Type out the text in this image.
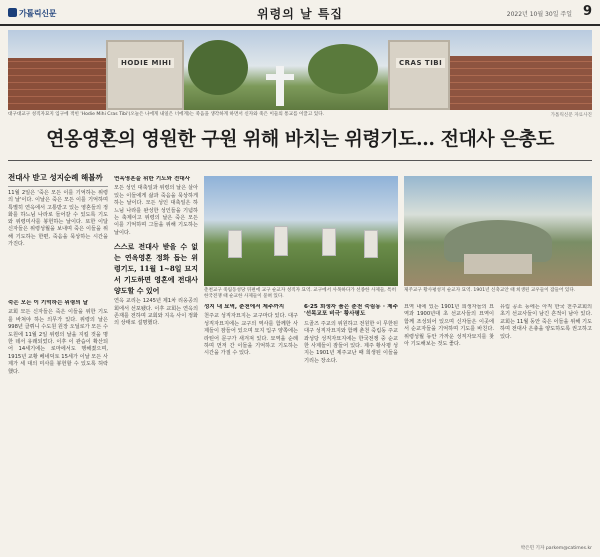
가톨릭신문	위령의 날 특집	2022년 10월 30일 주일 9
HODIE MIHI	CRAS TIBI
대구대교구 성직자묘지 입구에 적힌 'Hodie Mihi Cras Tibi'(오늘은 나에게 내일은 너에게)는 죽음을 생각하게 하면서 신자와 죽은 이들의 통교를 이끌고 있다.	가톨릭신문 자료사진
연옹영혼의 영원한 구원 위해 바치는 위령기도… 전대사 은총도
전대사 받고 성지순례 해볼까
11월 2일은 '죽은 모든 이를 기억하는 위령의 날'이다. 이날은 죽은 모든 이를 기억하며 특별히 연옥에서 고통받고 있는 영혼들의 정화를 하느님 나라로 들어갈 수 있도록 기도와 위령미사를 봉헌하는 날이다. 또한 이달 신자들은 위령성월을 보내며 죽은 이들을 위해 기도하는 한편, 죽음을 묵상하는 시간을 가진다.

죽은 모든 이 기억하는 위령의 날

교회 모든 신자들은 죽은 이들을 위한 기도를 바쳐야 하는 의무가 있다. 위령의 날은 998년 클뤼니 수도원 원장 오딜로가 모든 수도원에 11월 2일 위령의 날을 지킬 것을 명한 데서 유래되었다. 이후 이 관습이 확산되어 14세기에는 로마에서도 행해졌으며, 1915년 교황 베네딕토 15세가 이날 모든 사제가 세 대의 미사를 봉헌할 수 있도록 허락했다.

연옥영혼을 위한 기도와 전대사

모든 성인 대축일과 위령의 날은 살아있는 이들에게 삶과 죽음을 묵상하게 하는 날이다. 모든 성인 대축일은 하느님 나라를 완성한 성인들을 기념하는 축제이고 위령의 날은 죽은 모든 이를 기억하며 그들을 위해 기도하는 날이다.

스스로 전대사 받을 수 없는 연옥영혼 정화 돕는 위령기도, 11월 1~8일 묘지서 기도하면 영혼에 전대사 양도할 수 있어

연옥 교리는 1245년 제1차 리옹공의회에서 선포됐다. 이후 교회는 연옥의 존재를 전하며 교회와 지옥 사이 정화의 상태로 설명했다.

춘천교구 죽림동성당 뒤편에 교구 순교자 성직자 묘역. 교구에서 사목하다가 선종한 사제들, 특히 한국전쟁 때 순교한 사제들이 묻혀 있다.
제주교구 황사평성지 순교자 묘역. 1901년 신축교안 때 희생된 교우들이 잠들어 있다.

성지 내 묘역, 춘천에서 제주까지

천주교 성직자묘지는 교구마다 있다. 대구 성직자묘지에는 교구의 역사를 함께한 사제들이 잠들어 있으며 묘지 입구 양쪽에는 라틴어 문구가 새겨져 있다. 묘역을 순례하며 먼저 간 이들을 기억하고 기도하는 시간을 가질 수 있다.

6·25 희생자 품은 춘천 죽림동 · 제주 '선목교포 비극' 황사평도

드골즈 주교의 위원하고 전원한 이 무한된 대구 성직자묘지와 함께 춘천 죽림동 주교좌성당 성직자묘지에는 한국전쟁 중 순교한 사제들이 잠들어 있다. 제주 황사평 성지는 1901년 제주교난 때 희생된 이들을 기리는 장소다.

묘역 내에 있는 1901년 희생자들의 묘역과 1900년대 초 선교사들의 묘역이 함께 조성되어 있으며 신자들은 이곳에서 순교자들을 기억하며 기도를 바친다. 위령성월 동안 가까운 성직자묘지를 찾아 기도해보는 것도 좋다.

유림 공소 등에는 아직 한국 천주교회의 초기 선교사들이 남긴 흔적이 남아 있다. 교회는 11월 동안 죽은 이들을 위해 기도하며 전대사 은총을 양도하도록 권고하고 있다.

박은민 기자 parkem@catimes.kr
